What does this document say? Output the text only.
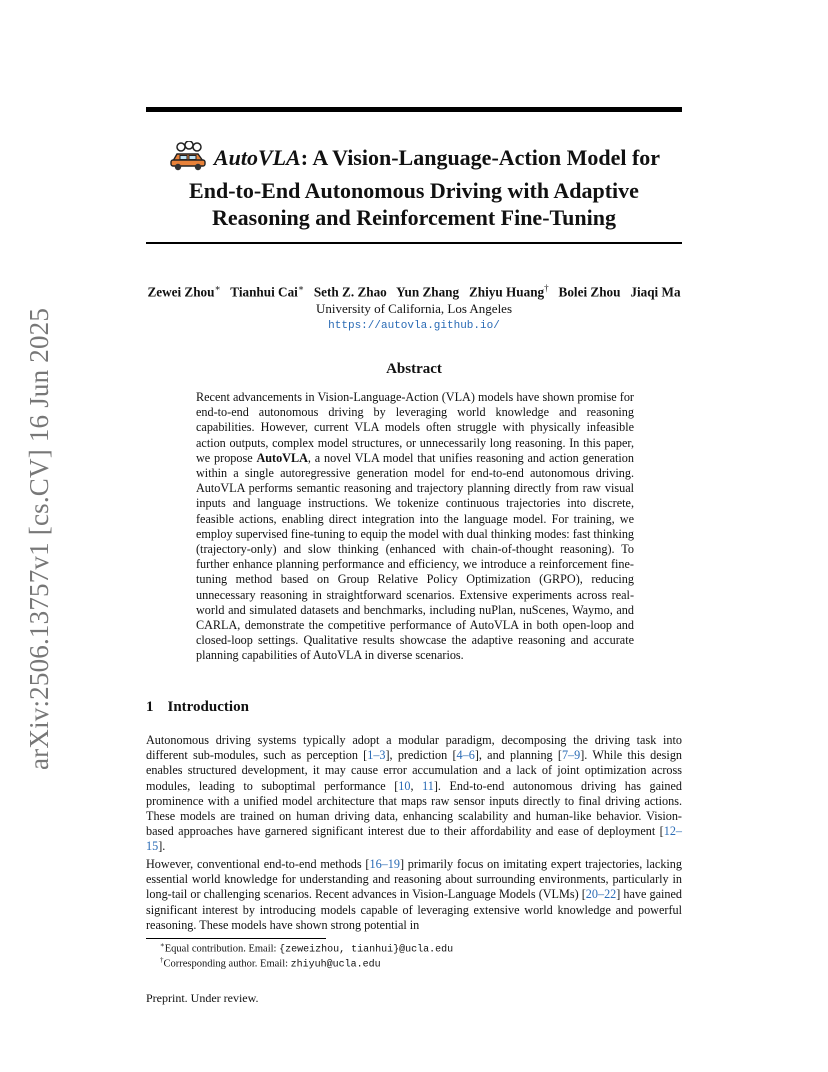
AutoVLA: A Vision-Language-Action Model for
End-to-End Autonomous Driving with Adaptive
Reasoning and Reinforcement Fine-Tuning
Zewei Zhou∗ Tianhui Cai∗ Seth Z. Zhao Yun Zhang Zhiyu Huang† Bolei Zhou Jiaqi Ma
University of California, Los Angeles
https://autovla.github.io/
Abstract
Recent advancements in Vision-Language-Action (VLA) models have shown promise for end-to-end autonomous driving by leveraging world knowledge and reasoning capabilities. However, current VLA models often struggle with physically infeasible action outputs, complex model structures, or unnecessarily long reasoning. In this paper, we propose AutoVLA, a novel VLA model that unifies reasoning and action generation within a single autoregressive generation model for end-to-end autonomous driving. AutoVLA performs semantic reasoning and trajectory planning directly from raw visual inputs and language instructions. We tokenize continuous trajectories into discrete, feasible actions, enabling direct integration into the language model. For training, we employ supervised fine-tuning to equip the model with dual thinking modes: fast thinking (trajectory-only) and slow thinking (enhanced with chain-of-thought reasoning). To further enhance planning performance and efficiency, we introduce a reinforcement fine-tuning method based on Group Relative Policy Optimization (GRPO), reducing unnecessary reasoning in straightforward scenarios. Extensive experiments across real-world and simulated datasets and benchmarks, including nuPlan, nuScenes, Waymo, and CARLA, demonstrate the competitive performance of AutoVLA in both open-loop and closed-loop settings. Qualitative results showcase the adaptive reasoning and accurate planning capabilities of AutoVLA in diverse scenarios.
1 Introduction
Autonomous driving systems typically adopt a modular paradigm, decomposing the driving task into different sub-modules, such as perception [1–3], prediction [4–6], and planning [7–9]. While this design enables structured development, it may cause error accumulation and a lack of joint optimization across modules, leading to suboptimal performance [10, 11]. End-to-end autonomous driving has gained prominence with a unified model architecture that maps raw sensor inputs directly to final driving actions. These models are trained on human driving data, enhancing scalability and human-like behavior. Vision-based approaches have garnered significant interest due to their affordability and ease of deployment [12–15].
However, conventional end-to-end methods [16–19] primarily focus on imitating expert trajectories, lacking essential world knowledge for understanding and reasoning about surrounding environments, particularly in long-tail or challenging scenarios. Recent advances in Vision-Language Models (VLMs) [20–22] have gained significant interest by introducing models capable of leveraging extensive world knowledge and powerful reasoning. These models have shown strong potential in
∗Equal contribution. Email: {zeweizhou, tianhui}@ucla.edu
†Corresponding author. Email: zhiyuh@ucla.edu
Preprint. Under review.
arXiv:2506.13757v1 [cs.CV] 16 Jun 2025
